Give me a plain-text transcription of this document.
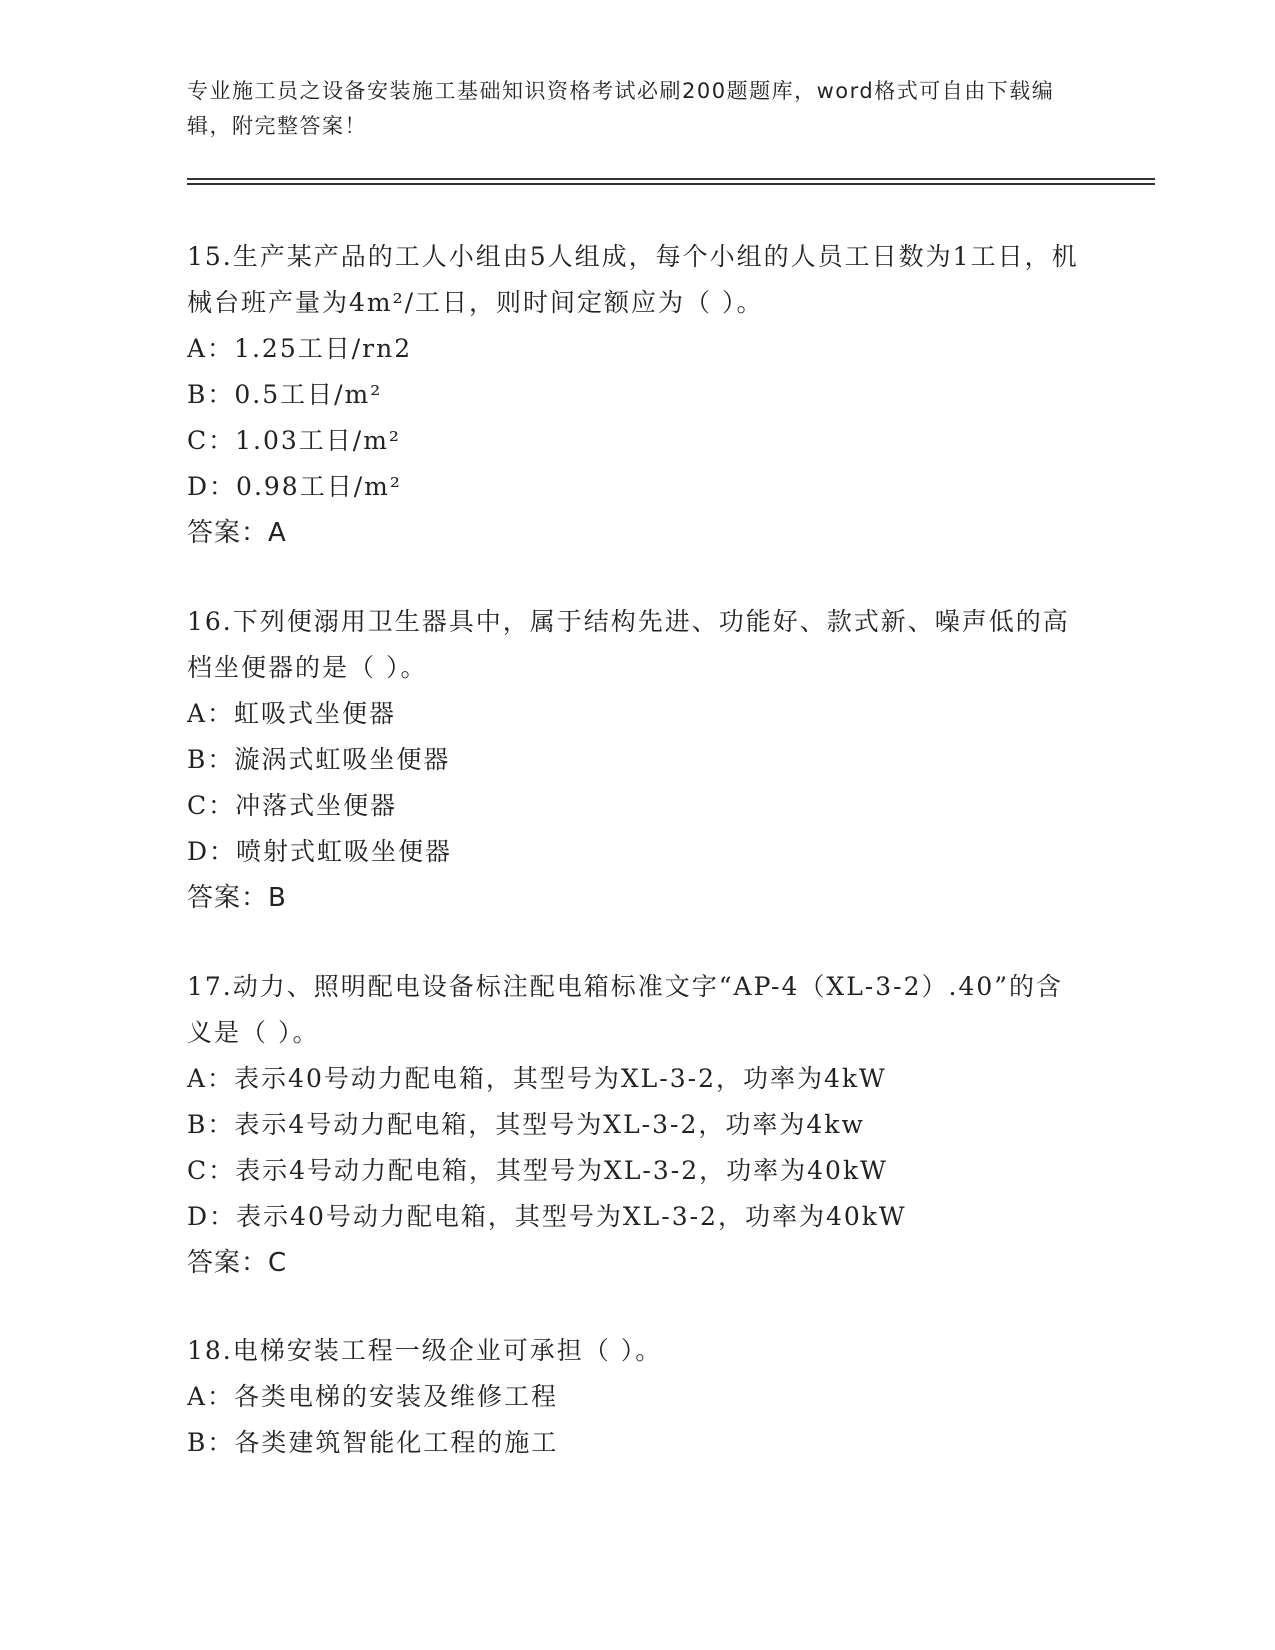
专业施工员之设备安装施工基础知识资格考试必刷200题题库，word格式可自由下载编辑，附完整答案！

15.生产某产品的工人小组由5人组成，每个小组的人员工日数为1工日，机械台班产量为4m²/工日，则时间定额应为（ ）。

A：1.25工日/rn2

B：0.5工日/m²

C：1.03工日/m²

D：0.98工日/m²

答案：A

16.下列便溺用卫生器具中，属于结构先进、功能好、款式新、噪声低的高档坐便器的是（ ）。

A：虹吸式坐便器

B：漩涡式虹吸坐便器

C：冲落式坐便器

D：喷射式虹吸坐便器

答案：B

17.动力、照明配电设备标注配电箱标准文字“AP-4（XL-3-2）.40”的含义是（ ）。

A：表示40号动力配电箱，其型号为XL-3-2，功率为4kW

B：表示4号动力配电箱，其型号为XL-3-2，功率为4kw

C：表示4号动力配电箱，其型号为XL-3-2，功率为40kW

D：表示40号动力配电箱，其型号为XL-3-2，功率为40kW

答案：C

18.电梯安装工程一级企业可承担（ ）。

A：各类电梯的安装及维修工程

B：各类建筑智能化工程的施工
